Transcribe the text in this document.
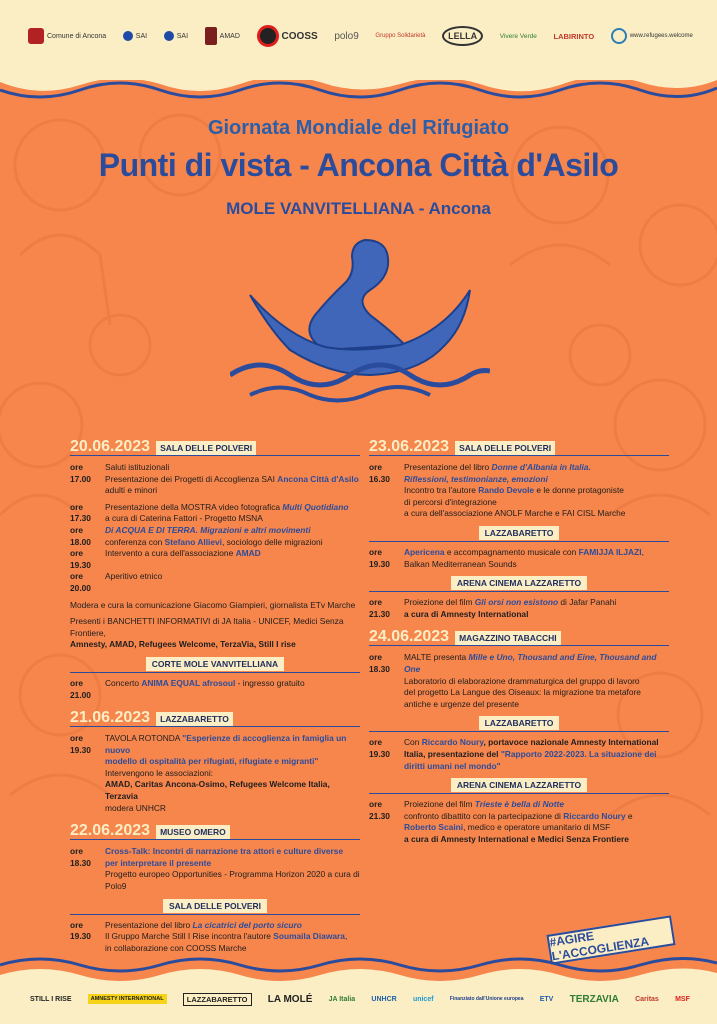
Comune di Ancona	SAI	SAI	AMAD	COOSS polo9	Gruppo Solidarietà	LELLA	Vivere Verde LABIRINTO	www.refugees.welcome
Giornata Mondiale del Rifugiato
Punti di vista - Ancona Città d'Asilo
MOLE VANVITELLIANA - Ancona
20.06.2023	SALA DELLE POLVERI
ore 17.00
Saluti istituzionali
Presentazione dei Progetti di Accoglienza SAI Ancona Città d'Asilo
adulti e minori
ore 17.30
Presentazione della MOSTRA video fotografica Multi Quotidiano
a cura di Caterina Fattori - Progetto MSNA
ore 18.00
Di ACQUA E DI TERRA. Migrazioni e altri movimenti
conferenza con Stefano Allievi, sociologo delle migrazioni
ore 19.30
Intervento a cura dell'associazione AMAD
ore 20.00
Aperitivo etnico
Modera e cura la comunicazione Giacomo Giampieri, giornalista ETv Marche
Presenti i BANCHETTI INFORMATIVI di JA Italia - UNICEF, Medici Senza Frontiere,
Amnesty, AMAD, Refugees Welcome, TerzaVia, Still I rise
CORTE MOLE VANVITELLIANA
ore 21.00
Concerto ANIMA EQUAL afrosoul - ingresso gratuito
21.06.2023	LAZZABARETTO
ore 19.30
TAVOLA ROTONDA "Esperienze di accoglienza in famiglia un nuovo
modello di ospitalità per rifugiati, rifugiate e migranti"
Intervengono le associazioni:
AMAD, Caritas Ancona-Osimo, Refugees Welcome Italia, Terzavia
modera UNHCR
22.06.2023	MUSEO OMERO
ore 18.30
Cross-Talk: Incontri di narrazione tra attori e culture diverse
per interpretare il presente
Progetto europeo Opportunities - Programma Horizon 2020 a cura di Polo9
SALA DELLE POLVERI
ore 19.30
Presentazione del libro La cicatrici del porto sicuro
Il Gruppo Marche Still I Rise incontra l'autore Soumaila Diawara,
in collaborazione con COOSS Marche
23.06.2023	SALA DELLE POLVERI
ore 16.30
Presentazione del libro Donne d'Albania in Italia.
Riflessioni, testimonianze, emozioni
Incontro tra l'autore Rando Devole e le donne protagoniste
di percorsi d'integrazione
a cura dell'associazione ANOLF Marche e FAI CISL Marche
LAZZABARETTO
ore 19.30
Apericena e accompagnamento musicale con FAMIJJA ILJAZI,
Balkan Mediterranean Sounds
ARENA CINEMA LAZZARETTO
ore 21.30
Proiezione del film Gli orsi non esistono di Jafar Panahi
a cura di Amnesty International
24.06.2023	MAGAZZINO TABACCHI
ore 18.30
MALTE presenta Mille e Uno, Thousand and Eine, Thousand and One
Laboratorio di elaborazione drammaturgica del gruppo di lavoro
del progetto La Langue des Oiseaux: la migrazione tra metafore
antiche e urgenze del presente
LAZZABARETTO
ore 19.30
Con Riccardo Noury, portavoce nazionale Amnesty International
Italia, presentazione del "Rapporto 2022-2023. La situazione dei
diritti umani nel mondo"
ARENA CINEMA LAZZARETTO
ore 21.30
Proiezione del film Trieste è bella di Notte
confronto dibattito con la partecipazione di Riccardo Noury e
Roberto Scaini, medico e operatore umanitario di MSF
a cura di Amnesty International e Medici Senza Frontiere
#AGIRE L'ACCOGLIENZA
STILL I RISE	AMNESTY INTERNATIONAL	LAZZABARETTO	LA MOLÉ JA Italia UNHCR unicef	Finanziato dall'Unione europea ETV TERZAVIA Caritas MSF
